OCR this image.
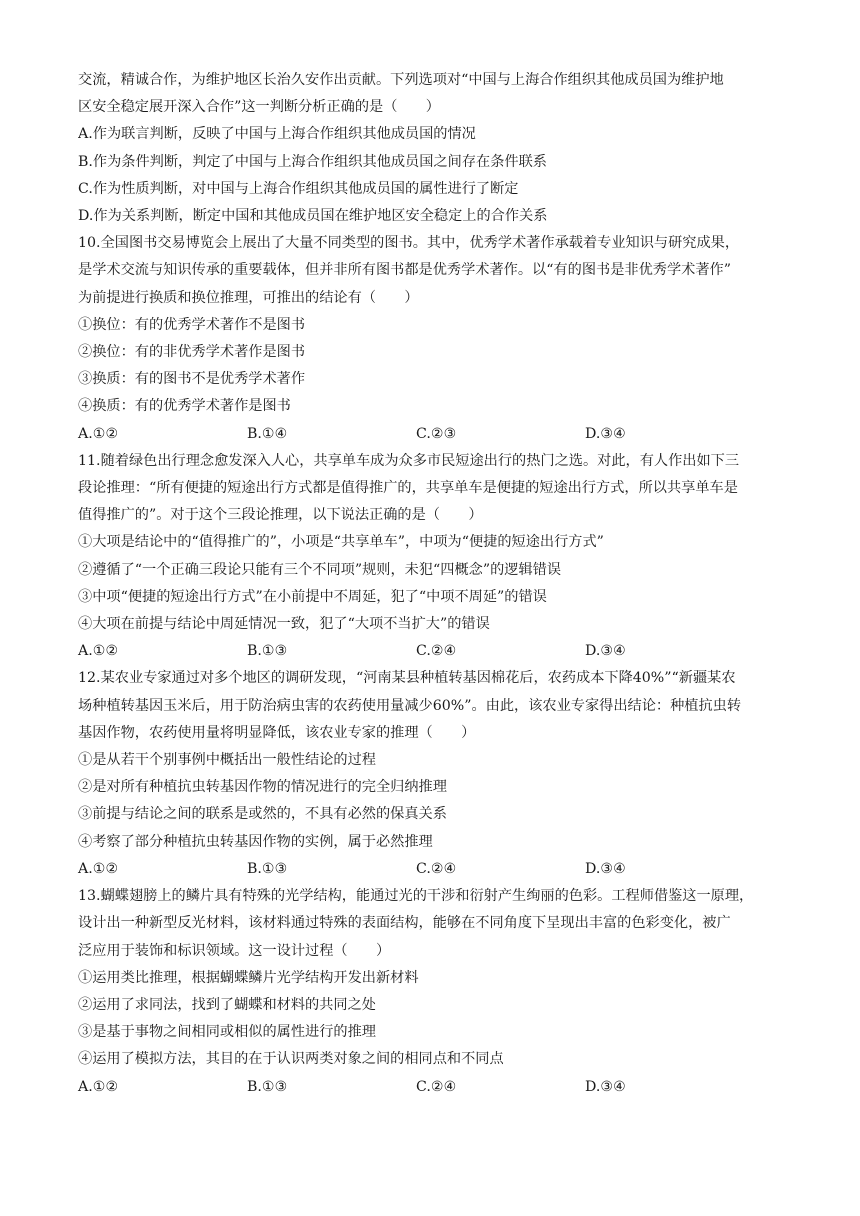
交流，精诚合作，为维护地区长治久安作出贡献。下列选项对“中国与上海合作组织其他成员国为维护地
区安全稳定展开深入合作”这一判断分析正确的是（　　）
A.作为联言判断，反映了中国与上海合作组织其他成员国的情况
B.作为条件判断，判定了中国与上海合作组织其他成员国之间存在条件联系
C.作为性质判断，对中国与上海合作组织其他成员国的属性进行了断定
D.作为关系判断，断定中国和其他成员国在维护地区安全稳定上的合作关系
10.全国图书交易博览会上展出了大量不同类型的图书。其中，优秀学术著作承载着专业知识与研究成果，
是学术交流与知识传承的重要载体，但并非所有图书都是优秀学术著作。以“有的图书是非优秀学术著作”
为前提进行换质和换位推理，可推出的结论有（　　）
①换位：有的优秀学术著作不是图书
②换位：有的非优秀学术著作是图书
③换质：有的图书不是优秀学术著作
④换质：有的优秀学术著作是图书
A.①②	B.①④	C.②③	D.③④
11.随着绿色出行理念愈发深入人心，共享单车成为众多市民短途出行的热门之选。对此，有人作出如下三
段论推理：“所有便捷的短途出行方式都是值得推广的，共享单车是便捷的短途出行方式，所以共享单车是
值得推广的”。对于这个三段论推理，以下说法正确的是（　　）
①大项是结论中的“值得推广的”，小项是“共享单车”，中项为“便捷的短途出行方式”
②遵循了“一个正确三段论只能有三个不同项”规则，未犯“四概念”的逻辑错误
③中项“便捷的短途出行方式”在小前提中不周延，犯了“中项不周延”的错误
④大项在前提与结论中周延情况一致，犯了“大项不当扩大”的错误
A.①②	B.①③	C.②④	D.③④
12.某农业专家通过对多个地区的调研发现，“河南某县种植转基因棉花后，农药成本下降40%”“新疆某农
场种植转基因玉米后，用于防治病虫害的农药使用量减少60%”。由此，该农业专家得出结论：种植抗虫转
基因作物，农药使用量将明显降低，该农业专家的推理（　　）
①是从若干个别事例中概括出一般性结论的过程
②是对所有种植抗虫转基因作物的情况进行的完全归纳推理
③前提与结论之间的联系是或然的，不具有必然的保真关系
④考察了部分种植抗虫转基因作物的实例，属于必然推理
A.①②	B.①③	C.②④	D.③④
13.蝴蝶翅膀上的鳞片具有特殊的光学结构，能通过光的干涉和衍射产生绚丽的色彩。工程师借鉴这一原理，
设计出一种新型反光材料，该材料通过特殊的表面结构，能够在不同角度下呈现出丰富的色彩变化，被广
泛应用于装饰和标识领域。这一设计过程（　　）
①运用类比推理，根据蝴蝶鳞片光学结构开发出新材料
②运用了求同法，找到了蝴蝶和材料的共同之处
③是基于事物之间相同或相似的属性进行的推理
④运用了模拟方法，其目的在于认识两类对象之间的相同点和不同点
A.①②	B.①③	C.②④	D.③④
